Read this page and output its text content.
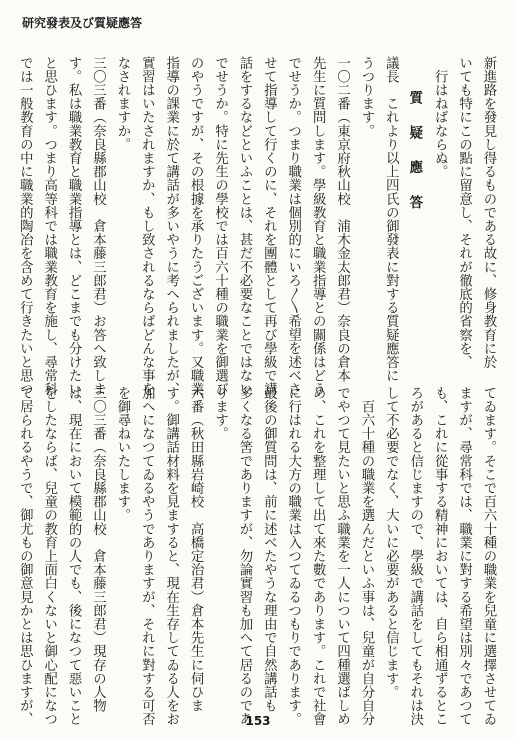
研究發表及び質疑應答
新進路を發見し得るものである故に、修身教育に於
いても特にこの點に留意し、それが徹底的省察を、
　行はねばならぬ。
　　質　疑　應　答
議長　これより以上四氏の御發表に對する質疑應答に
うつります。
一〇二番（東京府秋山校　浦木金太郎君）奈良の倉本
先生に質問します。學級教育と職業指導との關係はどう
でせうか。つまり職業は個別的にいろ〳〵希望を述べさ
せて指導して行くのに、それを團體として再び學級で講
話をするなどといふことは、甚だ不必要なことではない
でせうか。特に先生の學校では百六十種の職業を御選び
のやうですが、その根據を承りたうございます。又職業
指導の課業に於て講話が多いやうに考へられましたが、
實習はいたされますか、もし致されるならばどんな事を
なされますか。
三〇三番（奈良縣郡山校　倉本藤三郎君）お答へ致しま
す。私は職業教育と職業指導とは、どこまでも分けたい
と思ひます。つまり高等科では職業教育を施し、尋常科
では一般教育の中に職業的陶冶を含めて行きたいと思つ
てゐます。そこで百六十種の職業を兒童に選擇させてゐ
ますが、尋常科では、職業に對する希望は別々であつて
も、これに從事する精神においては、自ら相通ずるとこ
ろがあると信じますので、學級で講話をしてもそれは決
して不必要でなく、大いに必要があると信じます。
　百六十種の職業を選んだといふ事は、兒童が自分自分
でやつて見たいと思ふ職業を一人について四種選ばしめ
め、これを整理して出て來た數であります。これで社會
に行はれる大方の職業は入つてゐるつもりであります。
最後の御質問は、前に述べたやうな理由で自然講話も
多くなる筈でありますが、勿論實習も加へて居るのであ
ります。
六番（秋田縣岩崎校　高橋定治君）倉本先生に伺ひま
す。御講話材料を見ますると、現在生存してゐる人をお
加へになつてゐるやうでありますが、それに對する可否
を御尋ねいたします。
三〇三番（奈良縣郡山校　倉本藤三郎君）現存の人物
は、現在において模範的の人でも、後になつて惡いこと
をしたならば、兒童の教育上面白くないと御心配になつ
て居られるやうで、御尤もの御意見かとは思ひますが、	153
